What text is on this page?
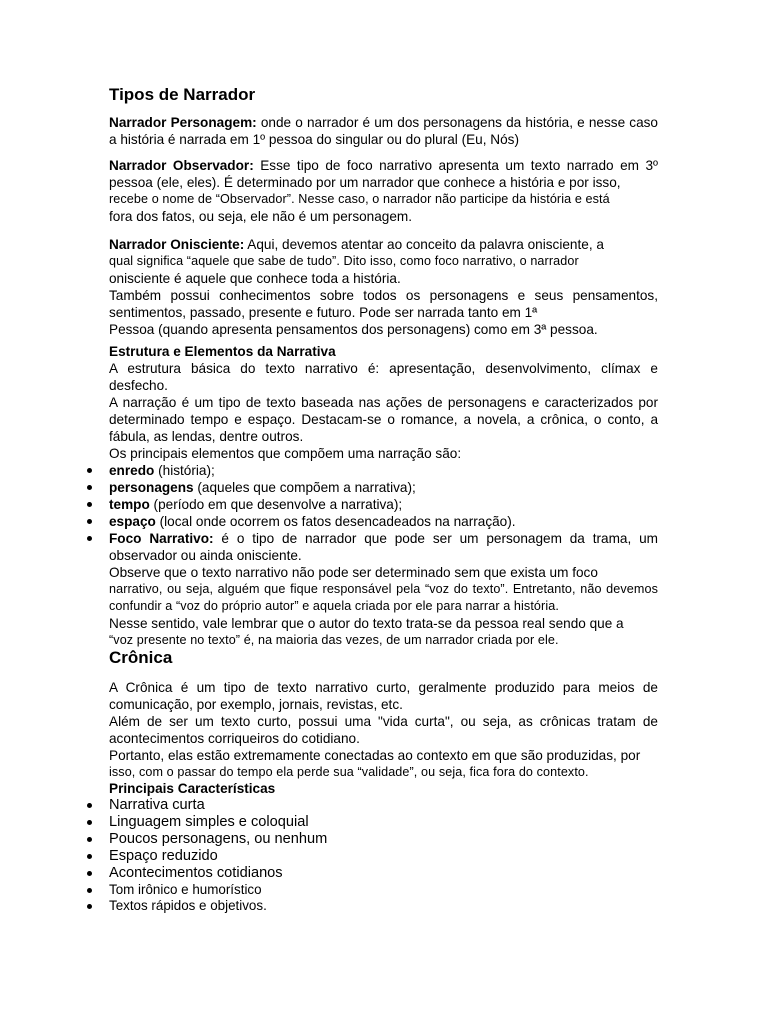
Tipos de Narrador

Narrador Personagem: onde o narrador é um dos personagens da história, e nesse caso a história é narrada em 1º pessoa do singular ou do plural (Eu, Nós)

Narrador Observador: Esse tipo de foco narrativo apresenta um texto narrado em 3º pessoa (ele, eles). É determinado por um narrador que conhece a história e por isso,

recebe o nome de “Observador”. Nesse caso, o narrador não participe da história e está

fora dos fatos, ou seja, ele não é um personagem.

Narrador Onisciente: Aqui, devemos atentar ao conceito da palavra onisciente, a

qual significa “aquele que sabe de tudo”. Dito isso, como foco narrativo, o narrador

onisciente é aquele que conhece toda a história.

Também possui conhecimentos sobre todos os personagens e seus pensamentos, sentimentos, passado, presente e futuro. Pode ser narrada tanto em 1ª

Pessoa (quando apresenta pensamentos dos personagens) como em 3ª pessoa.

Estrutura e Elementos da Narrativa

A estrutura básica do texto narrativo é: apresentação, desenvolvimento, clímax e desfecho.

A narração é um tipo de texto baseada nas ações de personagens e caracterizados por determinado tempo e espaço. Destacam-se o romance, a novela, a crônica, o conto, a fábula, as lendas, dentre outros.

Os principais elementos que compõem uma narração são:

enredo (história);
personagens (aqueles que compõem a narrativa);
tempo (período em que desenvolve a narrativa);
espaço (local onde ocorrem os fatos desencadeados na narração).
Foco Narrativo: é o tipo de narrador que pode ser um personagem da trama, um observador ou ainda onisciente.

Observe que o texto narrativo não pode ser determinado sem que exista um foco

narrativo, ou seja, alguém que fique responsável pela “voz do texto”. Entretanto, não devemos confundir a “voz do próprio autor” e aquela criada por ele para narrar a história.

Nesse sentido, vale lembrar que o autor do texto trata-se da pessoa real sendo que a

“voz presente no texto” é, na maioria das vezes, de um narrador criada por ele.

Crônica

A Crônica é um tipo de texto narrativo curto, geralmente produzido para meios de comunicação, por exemplo, jornais, revistas, etc.

Além de ser um texto curto, possui uma "vida curta", ou seja, as crônicas tratam de acontecimentos corriqueiros do cotidiano.

Portanto, elas estão extremamente conectadas ao contexto em que são produzidas, por

isso, com o passar do tempo ela perde sua “validade”, ou seja, fica fora do contexto.

Principais Características

Narrativa curta
Linguagem simples e coloquial
Poucos personagens, ou nenhum
Espaço reduzido
Acontecimentos cotidianos
Tom irônico e humorístico
Textos rápidos e objetivos.
